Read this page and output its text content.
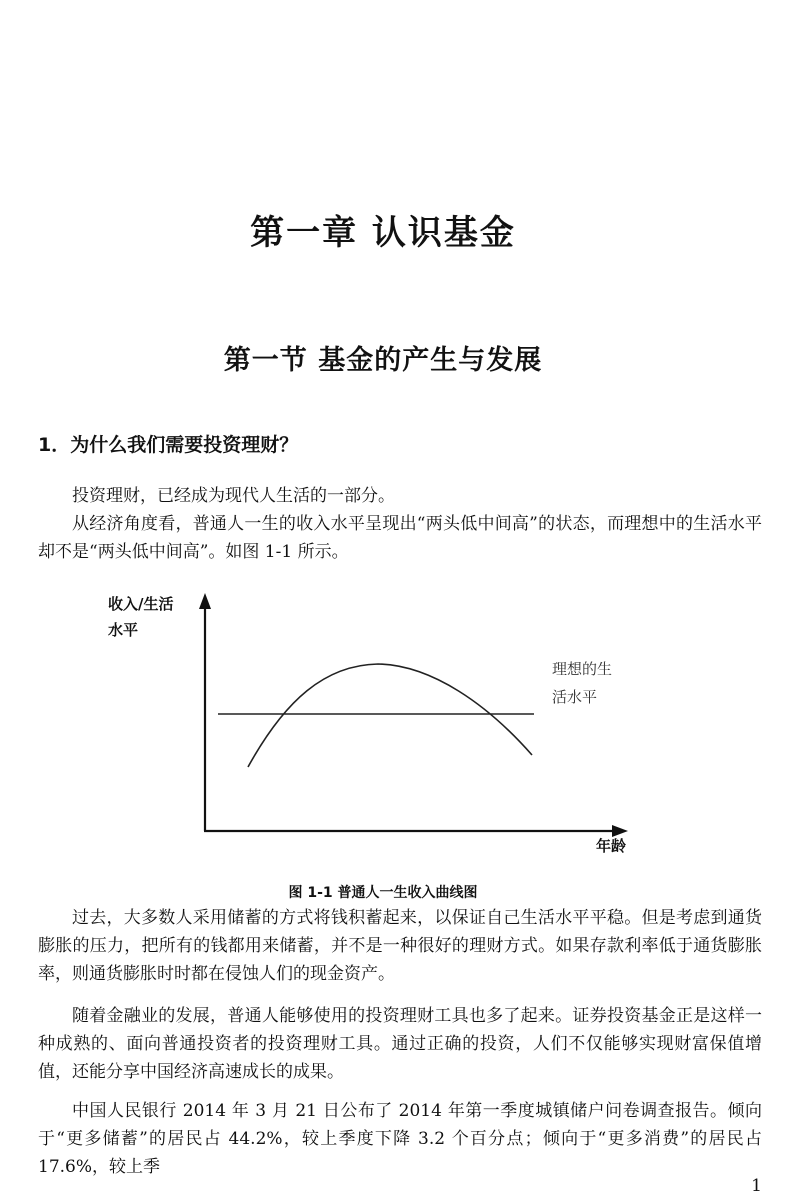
第一章 认识基金
第一节 基金的产生与发展
1．为什么我们需要投资理财？

投资理财，已经成为现代人生活的一部分。

从经济角度看，普通人一生的收入水平呈现出“两头低中间高”的状态，而理想中的生活水平却不是“两头低中间高”。如图 1-1 所示。

收入/生活水平
年龄
理想的生活水平

图 1-1 普通人一生收入曲线图

过去，大多数人采用储蓄的方式将钱积蓄起来，以保证自己生活水平平稳。但是考虑到通货膨胀的压力，把所有的钱都用来储蓄，并不是一种很好的理财方式。如果存款利率低于通货膨胀率，则通货膨胀时时都在侵蚀人们的现金资产。

随着金融业的发展，普通人能够使用的投资理财工具也多了起来。证券投资基金正是这样一种成熟的、面向普通投资者的投资理财工具。通过正确的投资，人们不仅能够实现财富保值增值，还能分享中国经济高速成长的成果。

中国人民银行 2014 年 3 月 21 日公布了 2014 年第一季度城镇储户问卷调查报告。倾向于“更多储蓄”的居民占 44.2%，较上季度下降 3.2 个百分点；倾向于“更多消费”的居民占 17.6%，较上季

1
